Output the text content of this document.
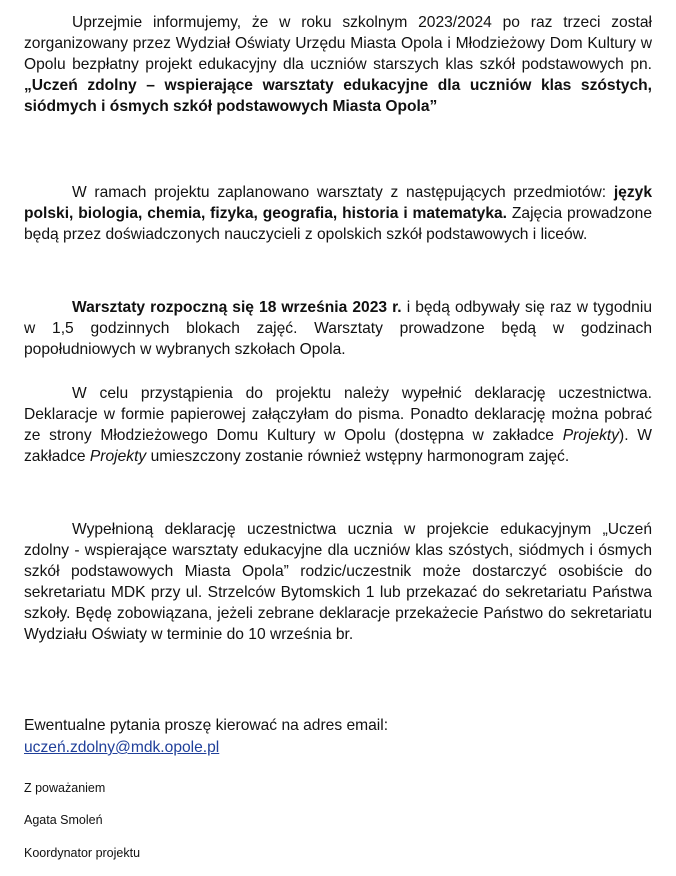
Uprzejmie informujemy, że w roku szkolnym 2023/2024 po raz trzeci został zorganizowany przez Wydział Oświaty Urzędu Miasta Opola i Młodzieżowy Dom Kultury w Opolu bezpłatny projekt edukacyjny dla uczniów starszych klas szkół podstawowych pn. „Uczeń zdolny – wspierające warsztaty edukacyjne dla uczniów klas szóstych, siódmych i ósmych szkół podstawowych Miasta Opola”

W ramach projektu zaplanowano warsztaty z następujących przedmiotów: język polski, biologia, chemia, fizyka, geografia, historia i matematyka. Zajęcia prowadzone będą przez doświadczonych nauczycieli z opolskich szkół podstawowych i liceów.

Warsztaty rozpoczną się 18 września 2023 r. i będą odbywały się raz w tygodniu w 1,5 godzinnych blokach zajęć. Warsztaty prowadzone będą w godzinach popołudniowych w wybranych szkołach Opola.

W celu przystąpienia do projektu należy wypełnić deklarację uczestnictwa. Deklaracje w formie papierowej załączyłam do pisma. Ponadto deklarację można pobrać ze strony Młodzieżowego Domu Kultury w Opolu (dostępna w zakładce Projekty). W zakładce Projekty umieszczony zostanie również wstępny harmonogram zajęć.

Wypełnioną deklarację uczestnictwa ucznia w projekcie edukacyjnym „Uczeń zdolny - wspierające warsztaty edukacyjne dla uczniów klas szóstych, siódmych i ósmych szkół podstawowych Miasta Opola” rodzic/uczestnik może dostarczyć osobiście do sekretariatu MDK przy ul. Strzelców Bytomskich 1 lub przekazać do sekretariatu Państwa szkoły. Będę zobowiązana, jeżeli zebrane deklaracje przekażecie Państwo do sekretariatu Wydziału Oświaty w terminie do 10 września br.

Ewentualne pytania proszę kierować na adres email:

uczeń.zdolny@mdk.opole.pl
Z poważaniem
Agata Smoleń
Koordynator projektu
